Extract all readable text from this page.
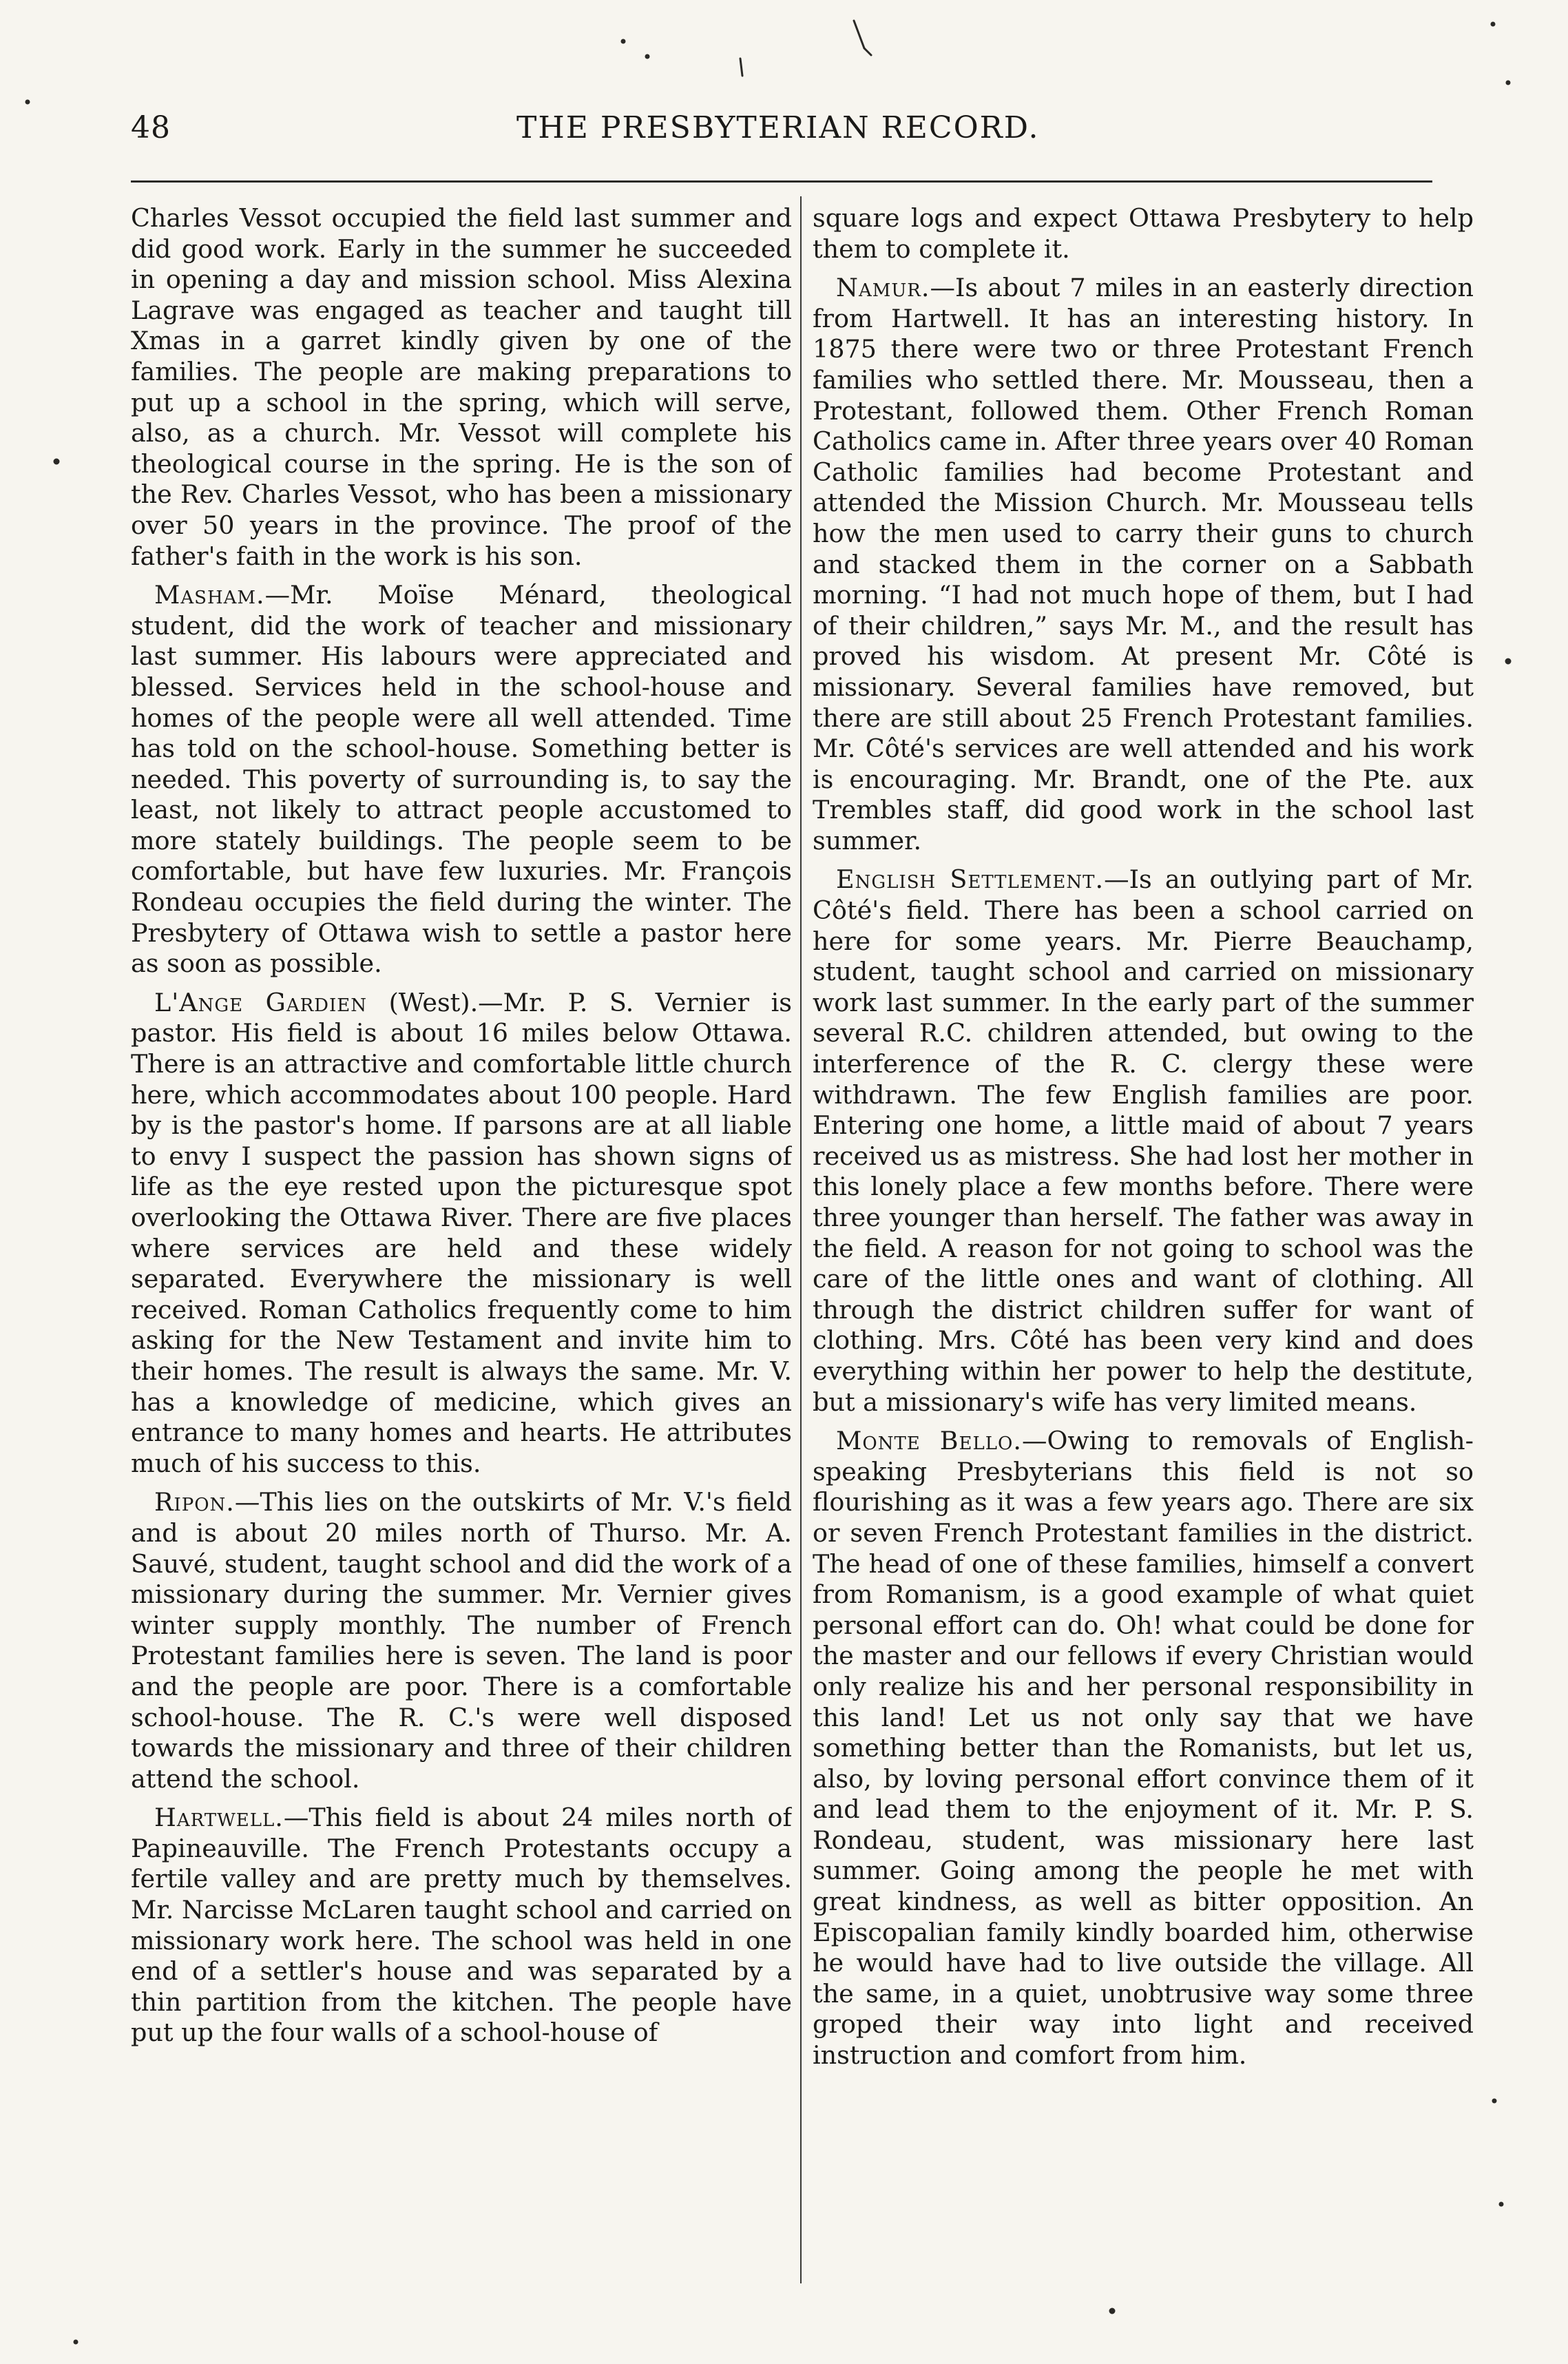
48	THE PRESBYTERIAN RECORD.

Charles Vessot occupied the field last summer and did good work. Early in the summer he succeeded in opening a day and mission school. Miss Alexina Lagrave was engaged as teacher and taught till Xmas in a garret kindly given by one of the families. The people are making preparations to put up a school in the spring, which will serve, also, as a church. Mr. Vessot will complete his theological course in the spring. He is the son of the Rev. Charles Vessot, who has been a missionary over 50 years in the province. The proof of the father's faith in the work is his son.

Masham.—Mr. Moïse Ménard, theological student, did the work of teacher and missionary last summer. His labours were appreciated and blessed. Services held in the school-house and homes of the people were all well attended. Time has told on the school-house. Something better is needed. This poverty of surrounding is, to say the least, not likely to attract people accustomed to more stately buildings. The people seem to be comfortable, but have few luxuries. Mr. François Rondeau occupies the field during the winter. The Presbytery of Ottawa wish to settle a pastor here as soon as possible.

L'Ange Gardien (West).—Mr. P. S. Vernier is pastor. His field is about 16 miles below Ottawa. There is an attractive and comfortable little church here, which accommodates about 100 people. Hard by is the pastor's home. If parsons are at all liable to envy I suspect the passion has shown signs of life as the eye rested upon the picturesque spot overlooking the Ottawa River. There are five places where services are held and these widely separated. Everywhere the missionary is well received. Roman Catholics frequently come to him asking for the New Testament and invite him to their homes. The result is always the same. Mr. V. has a knowledge of medicine, which gives an entrance to many homes and hearts. He attributes much of his success to this.

Ripon.—This lies on the outskirts of Mr. V.'s field and is about 20 miles north of Thurso. Mr. A. Sauvé, student, taught school and did the work of a missionary during the summer. Mr. Vernier gives winter supply monthly. The number of French Protestant families here is seven. The land is poor and the people are poor. There is a comfortable school-house. The R. C.'s were well disposed towards the missionary and three of their children attend the school.

Hartwell.—This field is about 24 miles north of Papineauville. The French Protestants occupy a fertile valley and are pretty much by themselves. Mr. Narcisse McLaren taught school and carried on missionary work here. The school was held in one end of a settler's house and was separated by a thin partition from the kitchen. The people have put up the four walls of a school-house of

square logs and expect Ottawa Presbytery to help them to complete it.

Namur.—Is about 7 miles in an easterly direction from Hartwell. It has an interesting history. In 1875 there were two or three Protestant French families who settled there. Mr. Mousseau, then a Protestant, followed them. Other French Roman Catholics came in. After three years over 40 Roman Catholic families had become Protestant and attended the Mission Church. Mr. Mousseau tells how the men used to carry their guns to church and stacked them in the corner on a Sabbath morning. “I had not much hope of them, but I had of their children,” says Mr. M., and the result has proved his wisdom. At present Mr. Côté is missionary. Several families have removed, but there are still about 25 French Protestant families. Mr. Côté's services are well attended and his work is encouraging. Mr. Brandt, one of the Pte. aux Trembles staff, did good work in the school last summer.

English Settlement.—Is an outlying part of Mr. Côté's field. There has been a school carried on here for some years. Mr. Pierre Beauchamp, student, taught school and carried on missionary work last summer. In the early part of the summer several R.C. children attended, but owing to the interference of the R. C. clergy these were withdrawn. The few English families are poor. Entering one home, a little maid of about 7 years received us as mistress. She had lost her mother in this lonely place a few months before. There were three younger than herself. The father was away in the field. A reason for not going to school was the care of the little ones and want of clothing. All through the district children suffer for want of clothing. Mrs. Côté has been very kind and does everything within her power to help the destitute, but a missionary's wife has very limited means.

Monte Bello.—Owing to removals of English-speaking Presbyterians this field is not so flourishing as it was a few years ago. There are six or seven French Protestant families in the district. The head of one of these families, himself a convert from Romanism, is a good example of what quiet personal effort can do. Oh! what could be done for the master and our fellows if every Christian would only realize his and her personal responsibility in this land! Let us not only say that we have something better than the Romanists, but let us, also, by loving personal effort convince them of it and lead them to the enjoyment of it. Mr. P. S. Rondeau, student, was missionary here last summer. Going among the people he met with great kindness, as well as bitter opposition. An Episcopalian family kindly boarded him, otherwise he would have had to live outside the village. All the same, in a quiet, unobtrusive way some three groped their way into light and received instruction and comfort from him.
